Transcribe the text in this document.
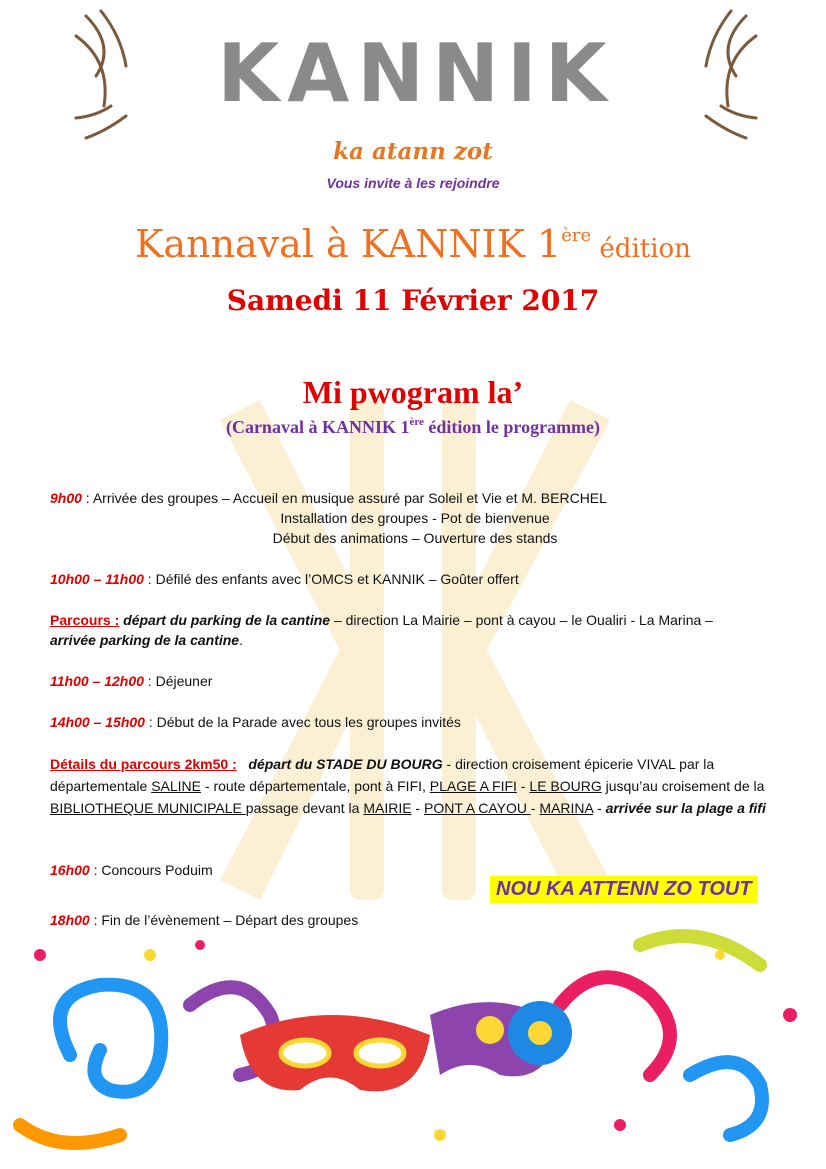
KANNIK
ka atann zot
Vous invite à les rejoindre
Kannaval à KANNIK 1ère édition
Samedi 11 Février 2017
Mi pwogram la’
(Carnaval à KANNIK 1ère édition le programme)
9h00 : Arrivée des groupes – Accueil en musique assuré par Soleil et Vie et M. BERCHEL
Installation des groupes - Pot de bienvenue
Début des animations – Ouverture des stands
10h00 – 11h00 : Défilé des enfants avec l’OMCS et KANNIK – Goûter offert
Parcours : départ du parking de la cantine – direction La Mairie – pont à cayou – le Oualiri - La Marina –
arrivée parking de la cantine.
11h00 – 12h00 : Déjeuner
14h00 – 15h00 : Début de la Parade avec tous les groupes invités
Détails du parcours 2km50 : départ du STADE DU BOURG - direction croisement épicerie VIVAL par la départementale SALINE - route départementale, pont à FIFI, PLAGE A FIFI - LE BOURG jusqu’au croisement de la BIBLIOTHEQUE MUNICIPALE passage devant la MAIRIE - PONT A CAYOU - MARINA - arrivée sur la plage a fifi
16h00 : Concours Poduim
NOU KA ATTENN ZO TOUT
18h00 : Fin de l’évènement – Départ des groupes
